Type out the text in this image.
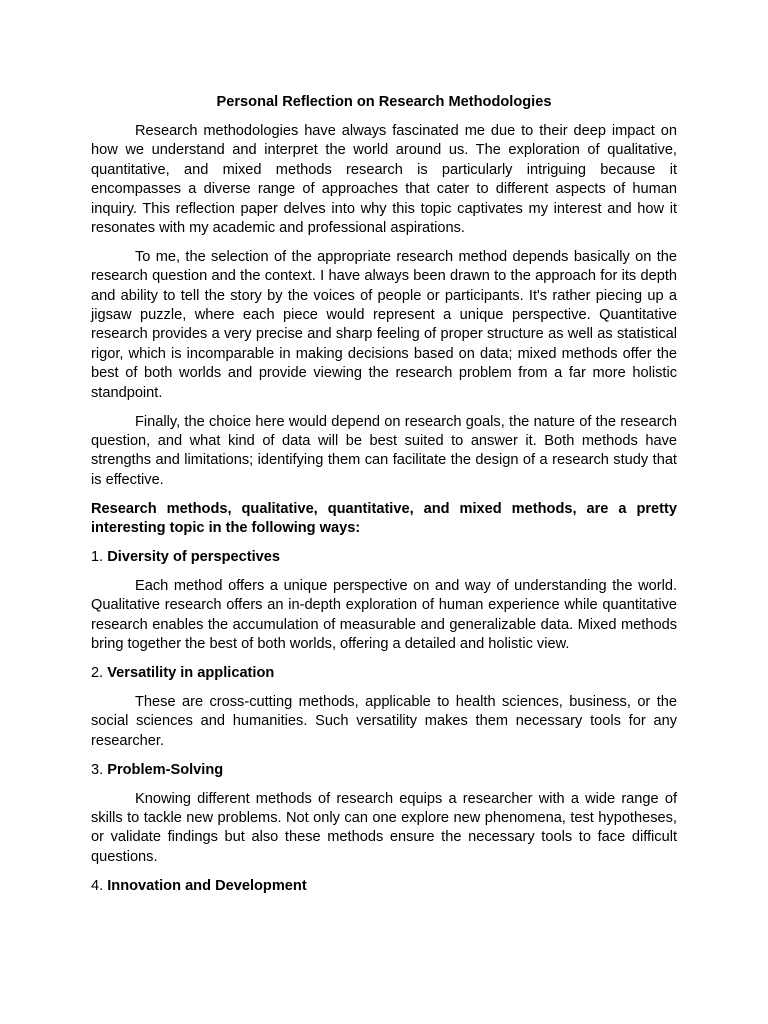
Personal Reflection on Research Methodologies

Research methodologies have always fascinated me due to their deep impact on how we understand and interpret the world around us. The exploration of qualitative, quantitative, and mixed methods research is particularly intriguing because it encompasses a diverse range of approaches that cater to different aspects of human inquiry. This reflection paper delves into why this topic captivates my interest and how it resonates with my academic and professional aspirations.

To me, the selection of the appropriate research method depends basically on the research question and the context. I have always been drawn to the approach for its depth and ability to tell the story by the voices of people or participants. It's rather piecing up a jigsaw puzzle, where each piece would represent a unique perspective. Quantitative research provides a very precise and sharp feeling of proper structure as well as statistical rigor, which is incomparable in making decisions based on data; mixed methods offer the best of both worlds and provide viewing the research problem from a far more holistic standpoint.

Finally, the choice here would depend on research goals, the nature of the research question, and what kind of data will be best suited to answer it. Both methods have strengths and limitations; identifying them can facilitate the design of a research study that is effective.

Research methods, qualitative, quantitative, and mixed methods, are a pretty interesting topic in the following ways:

1. Diversity of perspectives

Each method offers a unique perspective on and way of understanding the world. Qualitative research offers an in-depth exploration of human experience while quantitative research enables the accumulation of measurable and generalizable data. Mixed methods bring together the best of both worlds, offering a detailed and holistic view.

2. Versatility in application

These are cross-cutting methods, applicable to health sciences, business, or the social sciences and humanities. Such versatility makes them necessary tools for any researcher.

3. Problem-Solving

Knowing different methods of research equips a researcher with a wide range of skills to tackle new problems. Not only can one explore new phenomena, test hypotheses, or validate findings but also these methods ensure the necessary tools to face difficult questions.

4. Innovation and Development
